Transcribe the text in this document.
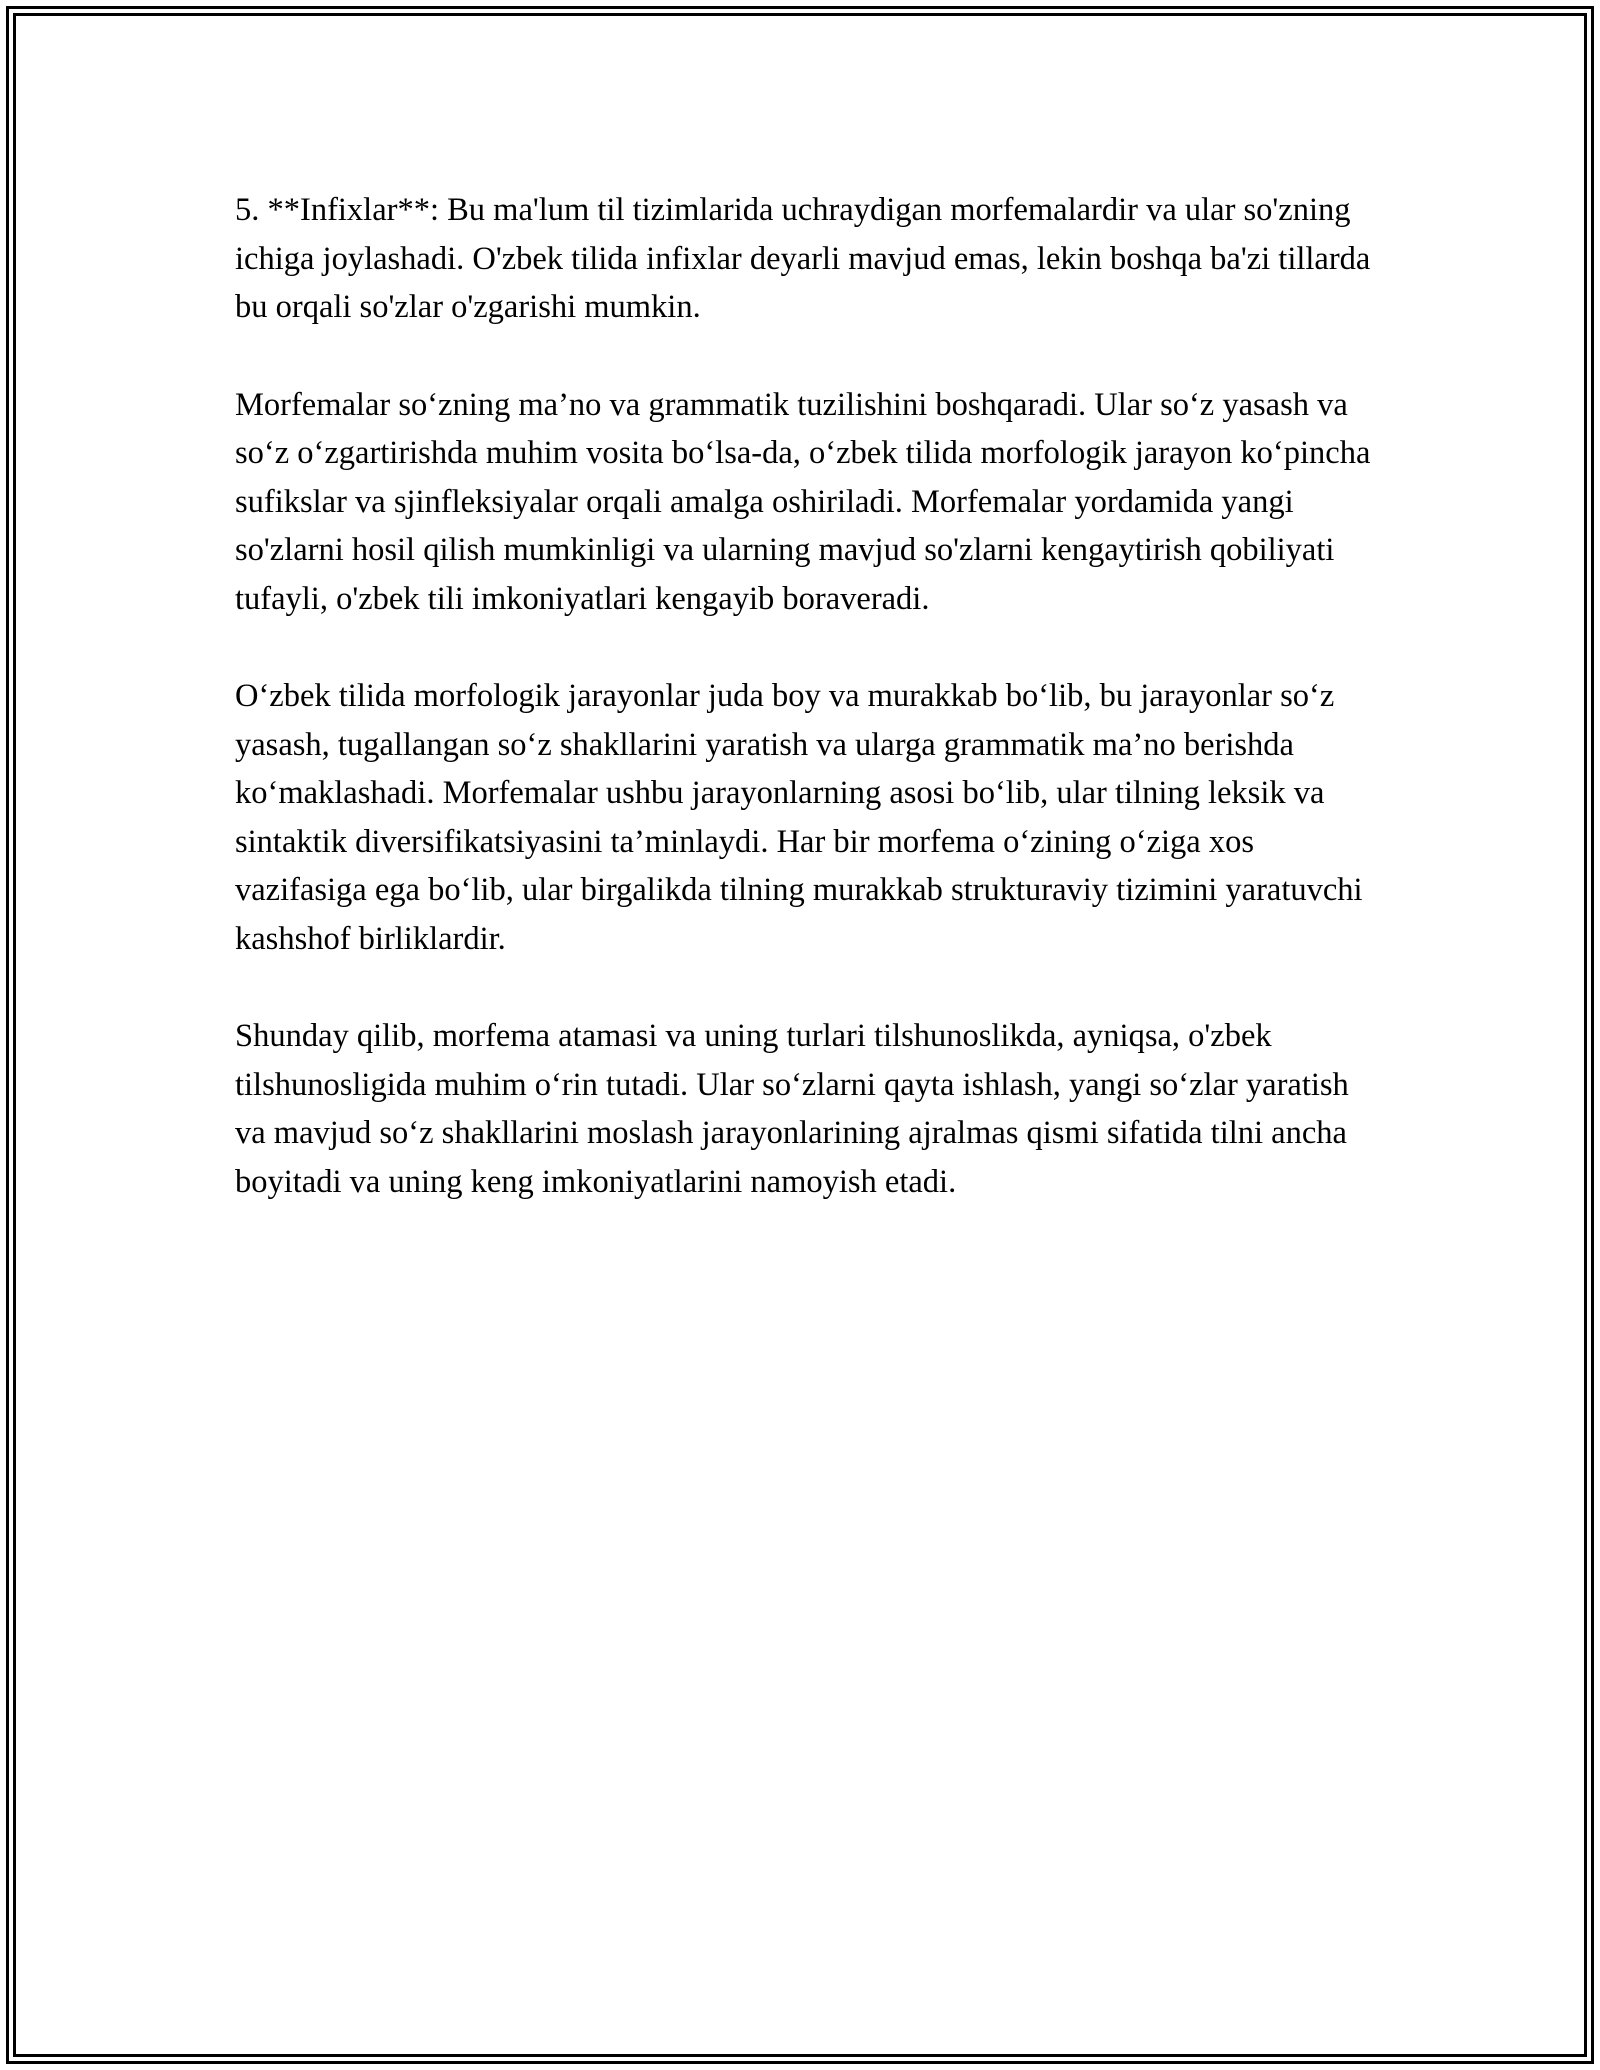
5. **Infixlar**: Bu ma'lum til tizimlarida uchraydigan morfemalardir va ular so'zning ichiga joylashadi. O'zbek tilida infixlar deyarli mavjud emas, lekin boshqa ba'zi tillarda bu orqali so'zlar o'zgarishi mumkin.

Morfemalar so‘zning ma’no va grammatik tuzilishini boshqaradi. Ular so‘z yasash va so‘z o‘zgartirishda muhim vosita bo‘lsa-da, o‘zbek tilida morfologik jarayon ko‘pincha sufikslar va sjinfleksiyalar orqali amalga oshiriladi. Morfemalar yordamida yangi so'zlarni hosil qilish mumkinligi va ularning mavjud so'zlarni kengaytirish qobiliyati tufayli, o'zbek tili imkoniyatlari kengayib boraveradi.

O‘zbek tilida morfologik jarayonlar juda boy va murakkab bo‘lib, bu jarayonlar so‘z yasash, tugallangan so‘z shakllarini yaratish va ularga grammatik ma’no berishda ko‘maklashadi. Morfemalar ushbu jarayonlarning asosi bo‘lib, ular tilning leksik va sintaktik diversifikatsiyasini ta’minlaydi. Har bir morfema o‘zining o‘ziga xos vazifasiga ega bo‘lib, ular birgalikda tilning murakkab strukturaviy tizimini yaratuvchi kashshof birliklardir.

Shunday qilib, morfema atamasi va uning turlari tilshunoslikda, ayniqsa, o'zbek tilshunosligida muhim o‘rin tutadi. Ular so‘zlarni qayta ishlash, yangi so‘zlar yaratish va mavjud so‘z shakllarini moslash jarayonlarining ajralmas qismi sifatida tilni ancha boyitadi va uning keng imkoniyatlarini namoyish etadi.
